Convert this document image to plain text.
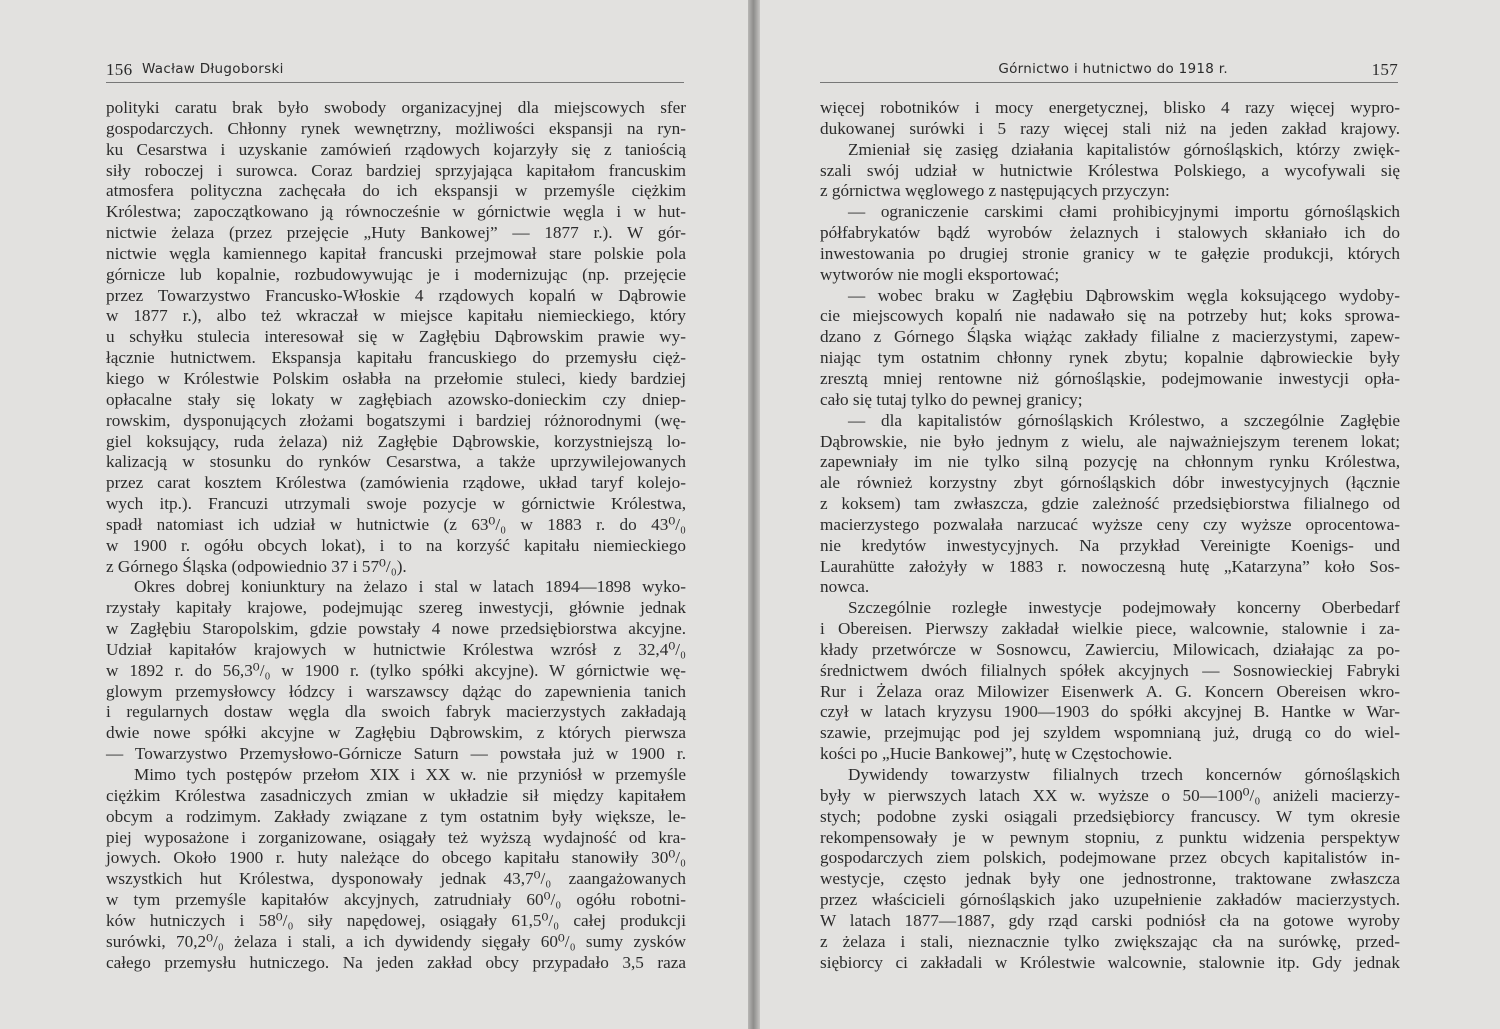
156 Wacław Długoborski
polityki caratu brak było swobody organizacyjnej dla miejscowych sfer
gospodarczych. Chłonny rynek wewnętrzny, możliwości ekspansji na ryn-
ku Cesarstwa i uzyskanie zamówień rządowych kojarzyły się z taniością
siły roboczej i surowca. Coraz bardziej sprzyjająca kapitałom francuskim
atmosfera polityczna zachęcała do ich ekspansji w przemyśle ciężkim
Królestwa; zapoczątkowano ją równocześnie w górnictwie węgla i w hut-
nictwie żelaza (przez przejęcie „Huty Bankowej” — 1877 r.). W gór-
nictwie węgla kamiennego kapitał francuski przejmował stare polskie pola
górnicze lub kopalnie, rozbudowywując je i modernizując (np. przejęcie
przez Towarzystwo Francusko-Włoskie 4 rządowych kopalń w Dąbrowie
w 1877 r.), albo też wkraczał w miejsce kapitału niemieckiego, który
u schyłku stulecia interesował się w Zagłębiu Dąbrowskim prawie wy-
łącznie hutnictwem. Ekspansja kapitału francuskiego do przemysłu cięż-
kiego w Królestwie Polskim osłabła na przełomie stuleci, kiedy bardziej
opłacalne stały się lokaty w zagłębiach azowsko-donieckim czy dniep-
rowskim, dysponujących złożami bogatszymi i bardziej różnorodnymi (wę-
giel koksujący, ruda żelaza) niż Zagłębie Dąbrowskie, korzystniejszą lo-
kalizacją w stosunku do rynków Cesarstwa, a także uprzywilejowanych
przez carat kosztem Królestwa (zamówienia rządowe, układ taryf kolejo-
wych itp.). Francuzi utrzymali swoje pozycje w górnictwie Królestwa,
spadł natomiast ich udział w hutnictwie (z 63⁰/₀ w 1883 r. do 43⁰/₀
w 1900 r. ogółu obcych lokat), i to na korzyść kapitału niemieckiego
z Górnego Śląska (odpowiednio 37 i 57⁰/₀).
Okres dobrej koniunktury na żelazo i stal w latach 1894—1898 wyko-
rzystały kapitały krajowe, podejmując szereg inwestycji, głównie jednak
w Zagłębiu Staropolskim, gdzie powstały 4 nowe przedsiębiorstwa akcyjne.
Udział kapitałów krajowych w hutnictwie Królestwa wzrósł z 32,4⁰/₀
w 1892 r. do 56,3⁰/₀ w 1900 r. (tylko spółki akcyjne). W górnictwie wę-
glowym przemysłowcy łódzcy i warszawscy dążąc do zapewnienia tanich
i regularnych dostaw węgla dla swoich fabryk macierzystych zakładają
dwie nowe spółki akcyjne w Zagłębiu Dąbrowskim, z których pierwsza
— Towarzystwo Przemysłowo-Górnicze Saturn — powstała już w 1900 r.
Mimo tych postępów przełom XIX i XX w. nie przyniósł w przemyśle
ciężkim Królestwa zasadniczych zmian w układzie sił między kapitałem
obcym a rodzimym. Zakłady związane z tym ostatnim były większe, le-
piej wyposażone i zorganizowane, osiągały też wyższą wydajność od kra-
jowych. Około 1900 r. huty należące do obcego kapitału stanowiły 30⁰/₀
wszystkich hut Królestwa, dysponowały jednak 43,7⁰/₀ zaangażowanych
w tym przemyśle kapitałów akcyjnych, zatrudniały 60⁰/₀ ogółu robotni-
ków hutniczych i 58⁰/₀ siły napędowej, osiągały 61,5⁰/₀ całej produkcji
surówki, 70,2⁰/₀ żelaza i stali, a ich dywidendy sięgały 60⁰/₀ sumy zysków
całego przemysłu hutniczego. Na jeden zakład obcy przypadało 3,5 raza
Górnictwo i hutnictwo do 1918 r.	157
więcej robotników i mocy energetycznej, blisko 4 razy więcej wypro-
dukowanej surówki i 5 razy więcej stali niż na jeden zakład krajowy.
Zmieniał się zasięg działania kapitalistów górnośląskich, którzy zwięk-
szali swój udział w hutnictwie Królestwa Polskiego, a wycofywali się
z górnictwa węglowego z następujących przyczyn:
— ograniczenie carskimi cłami prohibicyjnymi importu górnośląskich
półfabrykatów bądź wyrobów żelaznych i stalowych skłaniało ich do
inwestowania po drugiej stronie granicy w te gałęzie produkcji, których
wytworów nie mogli eksportować;
— wobec braku w Zagłębiu Dąbrowskim węgla koksującego wydoby-
cie miejscowych kopalń nie nadawało się na potrzeby hut; koks sprowa-
dzano z Górnego Śląska wiążąc zakłady filialne z macierzystymi, zapew-
niając tym ostatnim chłonny rynek zbytu; kopalnie dąbrowieckie były
zresztą mniej rentowne niż górnośląskie, podejmowanie inwestycji opła-
cało się tutaj tylko do pewnej granicy;
— dla kapitalistów górnośląskich Królestwo, a szczególnie Zagłębie
Dąbrowskie, nie było jednym z wielu, ale najważniejszym terenem lokat;
zapewniały im nie tylko silną pozycję na chłonnym rynku Królestwa,
ale również korzystny zbyt górnośląskich dóbr inwestycyjnych (łącznie
z koksem) tam zwłaszcza, gdzie zależność przedsiębiorstwa filialnego od
macierzystego pozwalała narzucać wyższe ceny czy wyższe oprocentowa-
nie kredytów inwestycyjnych. Na przykład Vereinigte Koenigs- und
Laurahütte założyły w 1883 r. nowoczesną hutę „Katarzyna” koło Sos-
nowca.
Szczególnie rozległe inwestycje podejmowały koncerny Oberbedarf
i Obereisen. Pierwszy zakładał wielkie piece, walcownie, stalownie i za-
kłady przetwórcze w Sosnowcu, Zawierciu, Milowicach, działając za po-
średnictwem dwóch filialnych spółek akcyjnych — Sosnowieckiej Fabryki
Rur i Żelaza oraz Milowizer Eisenwerk A. G. Koncern Obereisen wkro-
czył w latach kryzysu 1900—1903 do spółki akcyjnej B. Hantke w War-
szawie, przejmując pod jej szyldem wspomnianą już, drugą co do wiel-
kości po „Hucie Bankowej”, hutę w Częstochowie.
Dywidendy towarzystw filialnych trzech koncernów górnośląskich
były w pierwszych latach XX w. wyższe o 50—100⁰/₀ aniżeli macierzy-
stych; podobne zyski osiągali przedsiębiorcy francuscy. W tym okresie
rekompensowały je w pewnym stopniu, z punktu widzenia perspektyw
gospodarczych ziem polskich, podejmowane przez obcych kapitalistów in-
westycje, często jednak były one jednostronne, traktowane zwłaszcza
przez właścicieli górnośląskich jako uzupełnienie zakładów macierzystych.
W latach 1877—1887, gdy rząd carski podniósł cła na gotowe wyroby
z żelaza i stali, nieznacznie tylko zwiększając cła na surówkę, przed-
siębiorcy ci zakładali w Królestwie walcownie, stalownie itp. Gdy jednak
